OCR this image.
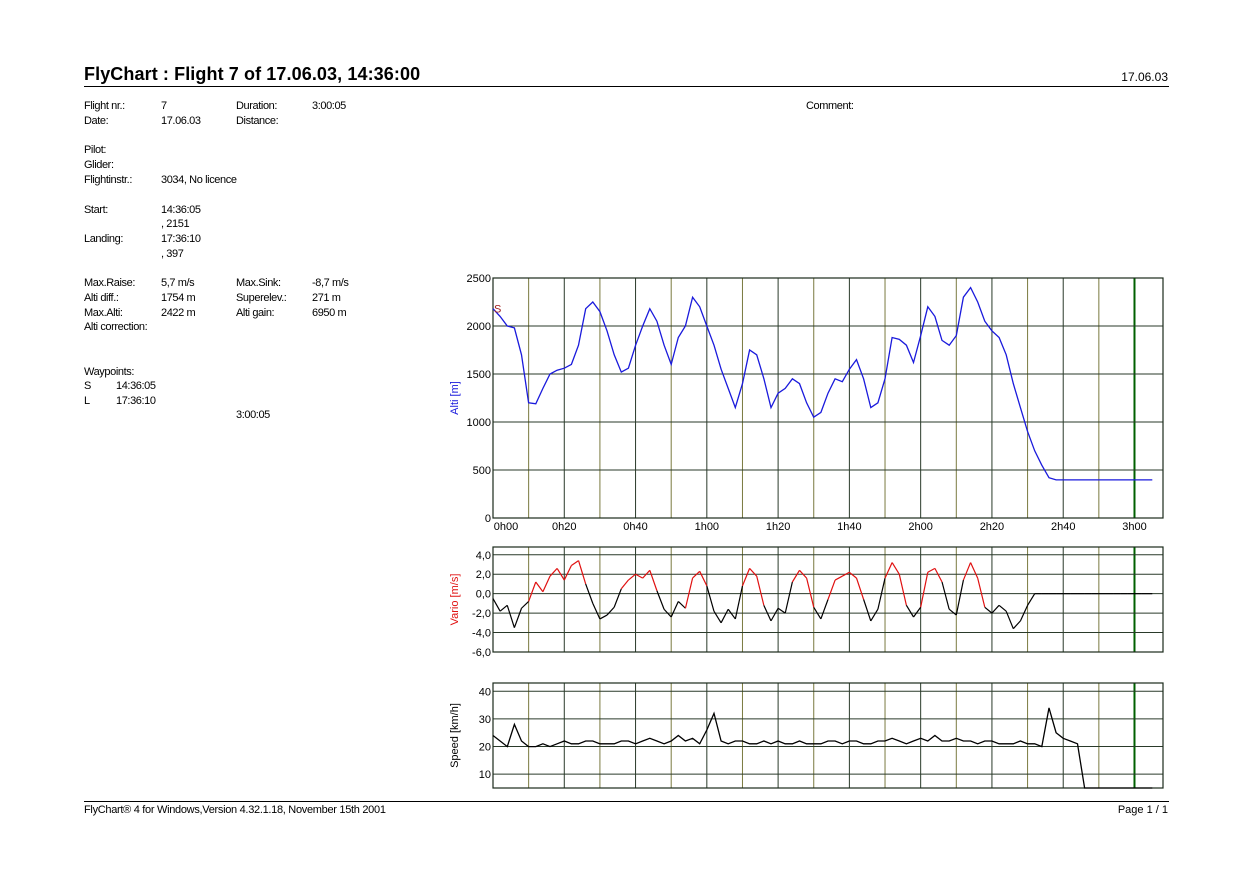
FlyChart : Flight 7 of 17.06.03, 14:36:00	17.06.03
Flight nr.:	7	Duration:	3:00:05
Date:	17.06.03	Distance:
Comment:
Pilot:
Glider:
Flightinstr.:	3034, No licence
Start:	14:36:05
, 2151
Landing:	17:36:10
, 397
Max.Raise: 5,7 m/s	Max.Sink:	-8,7 m/s
Alti diff.:	1754 m	Superelev.: 271 m
Max.Alti:	2422 m	Alti gain:	6950 m
Alti correction:
Waypoints:
S 14:36:05
L 17:36:10
3:00:05
0
500
1000
1500
2000
2500
Alti [m]
0h00	0h20	0h40	1h00	1h20	1h40	2h00	2h20	2h40	3h00
S
4,0
2,0
0,0
-2,0
-4,0
-6,0
Vario [m/s]
40
30
20
10
Speed [km/h]
FlyChart® 4 for Windows,Version 4.32.1.18, November 15th 2001	Page 1 / 1
